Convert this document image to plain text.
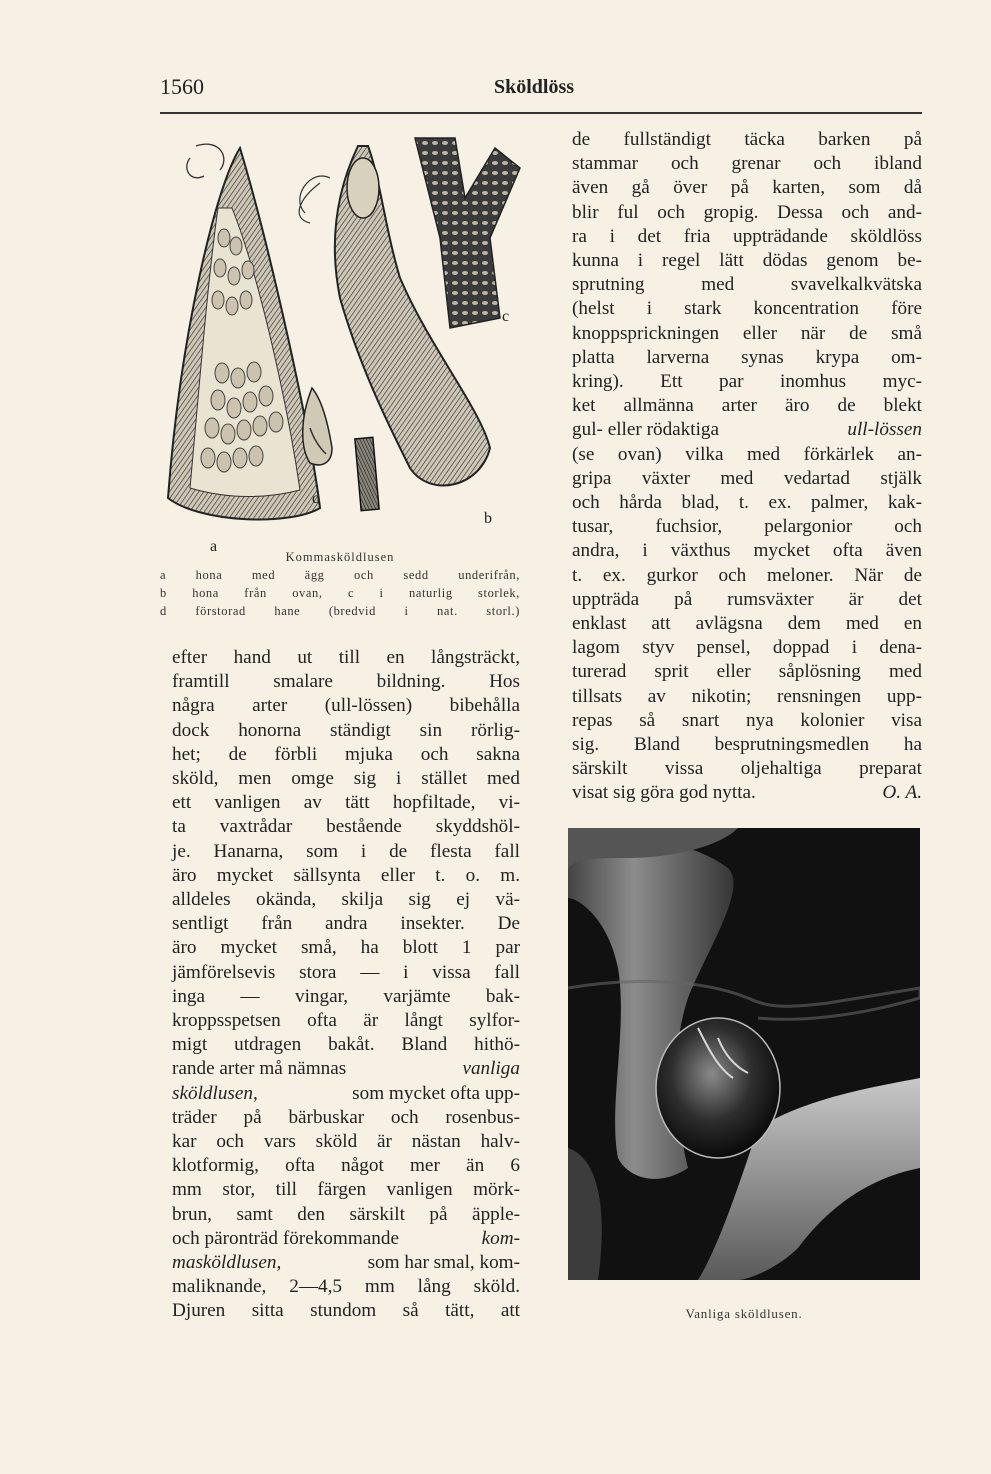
1560	Sköldlöss
a
b
c
d
Kommasköldlusen
a hona med ägg och sedd underifrån,
b hona från ovan, c i naturlig storlek,
d förstorad hane (bredvid i nat. storl.)
efter hand ut till en långsträckt,
framtill smalare bildning. Hos
några arter (ull-lössen) bibehålla
dock honorna ständigt sin rörlig-
het; de förbli mjuka och sakna
sköld, men omge sig i stället med
ett vanligen av tätt hopfiltade, vi-
ta vaxtrådar bestående skyddshöl-
je. Hanarna, som i de flesta fall
äro mycket sällsynta eller t. o. m.
alldeles okända, skilja sig ej vä-
sentligt från andra insekter. De
äro mycket små, ha blott 1 par
jämförelsevis stora — i vissa fall
inga — vingar, varjämte bak-
kroppsspetsen ofta är långt sylfor-
migt utdragen bakåt. Bland hithö-
rande arter må nämnas	vanliga
sköldlusen,	som mycket ofta upp-
träder på bärbuskar och rosenbus-
kar och vars sköld är nästan halv-
klotformig, ofta något mer än 6
mm stor, till färgen vanligen mörk-
brun, samt den särskilt på äpple-
och päronträd förekommande	kom-
masköldlusen,	som har smal, kom-
maliknande, 2—4,5 mm lång sköld.
Djuren sitta stundom så tätt, att
de fullständigt täcka barken på
stammar och grenar och ibland
även gå över på karten, som då
blir ful och gropig. Dessa och and-
ra i det fria uppträdande sköldlöss
kunna i regel lätt dödas genom be-
sprutning med svavelkalkvätska
(helst i stark koncentration före
knoppsprickningen eller när de små
platta larverna synas krypa om-
kring). Ett par inomhus myc-
ket allmänna arter äro de blekt
gul- eller rödaktiga	ull-lössen
(se ovan) vilka med förkärlek an-
gripa växter med vedartad stjälk
och hårda blad, t. ex. palmer, kak-
tusar, fuchsior, pelargonior och
andra, i växthus mycket ofta även
t. ex. gurkor och meloner. När de
uppträda på rumsväxter är det
enklast att avlägsna dem med en
lagom styv pensel, doppad i dena-
turerad sprit eller såplösning med
tillsats av nikotin; rensningen upp-
repas så snart nya kolonier visa
sig. Bland besprutningsmedlen ha
särskilt vissa oljehaltiga preparat
visat sig göra god nytta.	O. A.
Vanliga sköldlusen.
